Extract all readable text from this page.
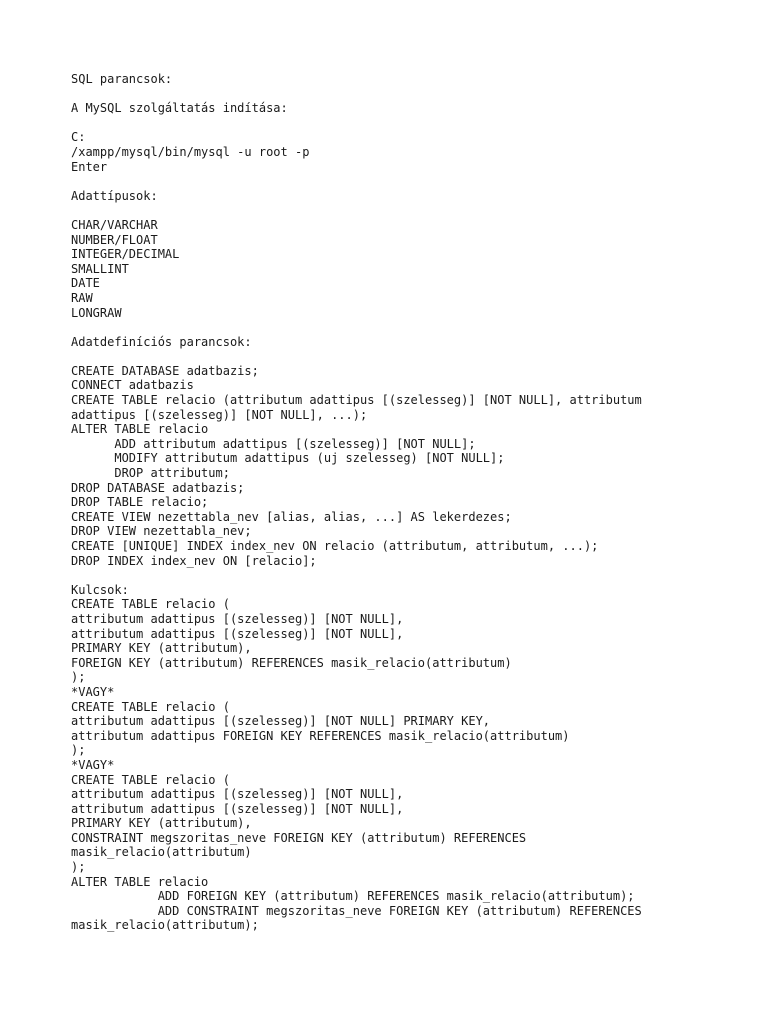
SQL parancsok:
A MySQL szolgáltatás indítása:
C:
/xampp/mysql/bin/mysql -u root -p
Enter
Adattípusok:
CHAR/VARCHAR
NUMBER/FLOAT
INTEGER/DECIMAL
SMALLINT
DATE
RAW
LONGRAW
Adatdefiníciós parancsok:
CREATE DATABASE adatbazis;
CONNECT adatbazis
CREATE TABLE relacio (attributum adattipus [(szelesseg)] [NOT NULL], attributum
adattipus [(szelesseg)] [NOT NULL], ...);
ALTER TABLE relacio
ADD attributum adattipus [(szelesseg)] [NOT NULL];
MODIFY attributum adattipus (uj szelesseg) [NOT NULL];
DROP attributum;
DROP DATABASE adatbazis;
DROP TABLE relacio;
CREATE VIEW nezettabla_nev [alias, alias, ...] AS lekerdezes;
DROP VIEW nezettabla_nev;
CREATE [UNIQUE] INDEX index_nev ON relacio (attributum, attributum, ...);
DROP INDEX index_nev ON [relacio];
Kulcsok:
CREATE TABLE relacio (
attributum adattipus [(szelesseg)] [NOT NULL],
attributum adattipus [(szelesseg)] [NOT NULL],
PRIMARY KEY (attributum),
FOREIGN KEY (attributum) REFERENCES masik_relacio(attributum)
);
*VAGY*
CREATE TABLE relacio (
attributum adattipus [(szelesseg)] [NOT NULL] PRIMARY KEY,
attributum adattipus FOREIGN KEY REFERENCES masik_relacio(attributum)
);
*VAGY*
CREATE TABLE relacio (
attributum adattipus [(szelesseg)] [NOT NULL],
attributum adattipus [(szelesseg)] [NOT NULL],
PRIMARY KEY (attributum),
CONSTRAINT megszoritas_neve FOREIGN KEY (attributum) REFERENCES
masik_relacio(attributum)
);
ALTER TABLE relacio
ADD FOREIGN KEY (attributum) REFERENCES masik_relacio(attributum);
ADD CONSTRAINT megszoritas_neve FOREIGN KEY (attributum) REFERENCES
masik_relacio(attributum);
